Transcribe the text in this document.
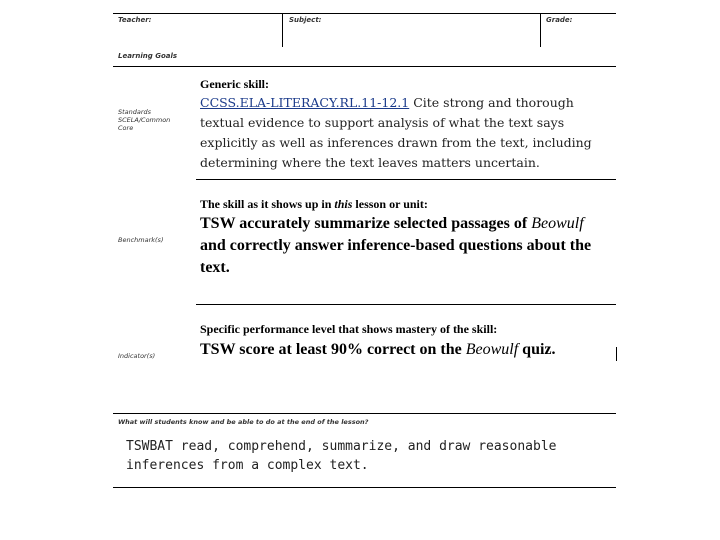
Teacher:	Subject:	Grade:
Learning Goals
Standards SCELA/Common Core
Generic skill:
CCSS.ELA-LITERACY.RL.11-12.1 Cite strong and thorough textual evidence to support analysis of what the text says explicitly as well as inferences drawn from the text, including determining where the text leaves matters uncertain.
Benchmark(s)
The skill as it shows up in this lesson or unit:
TSW accurately summarize selected passages of Beowulf and correctly answer inference-based questions about the text.
Indicator(s)
Specific performance level that shows mastery of the skill:
TSW score at least 90% correct on the Beowulf quiz.
What will students know and be able to do at the end of the lesson?
TSWBAT read, comprehend, summarize, and draw reasonable inferences from a complex text.
